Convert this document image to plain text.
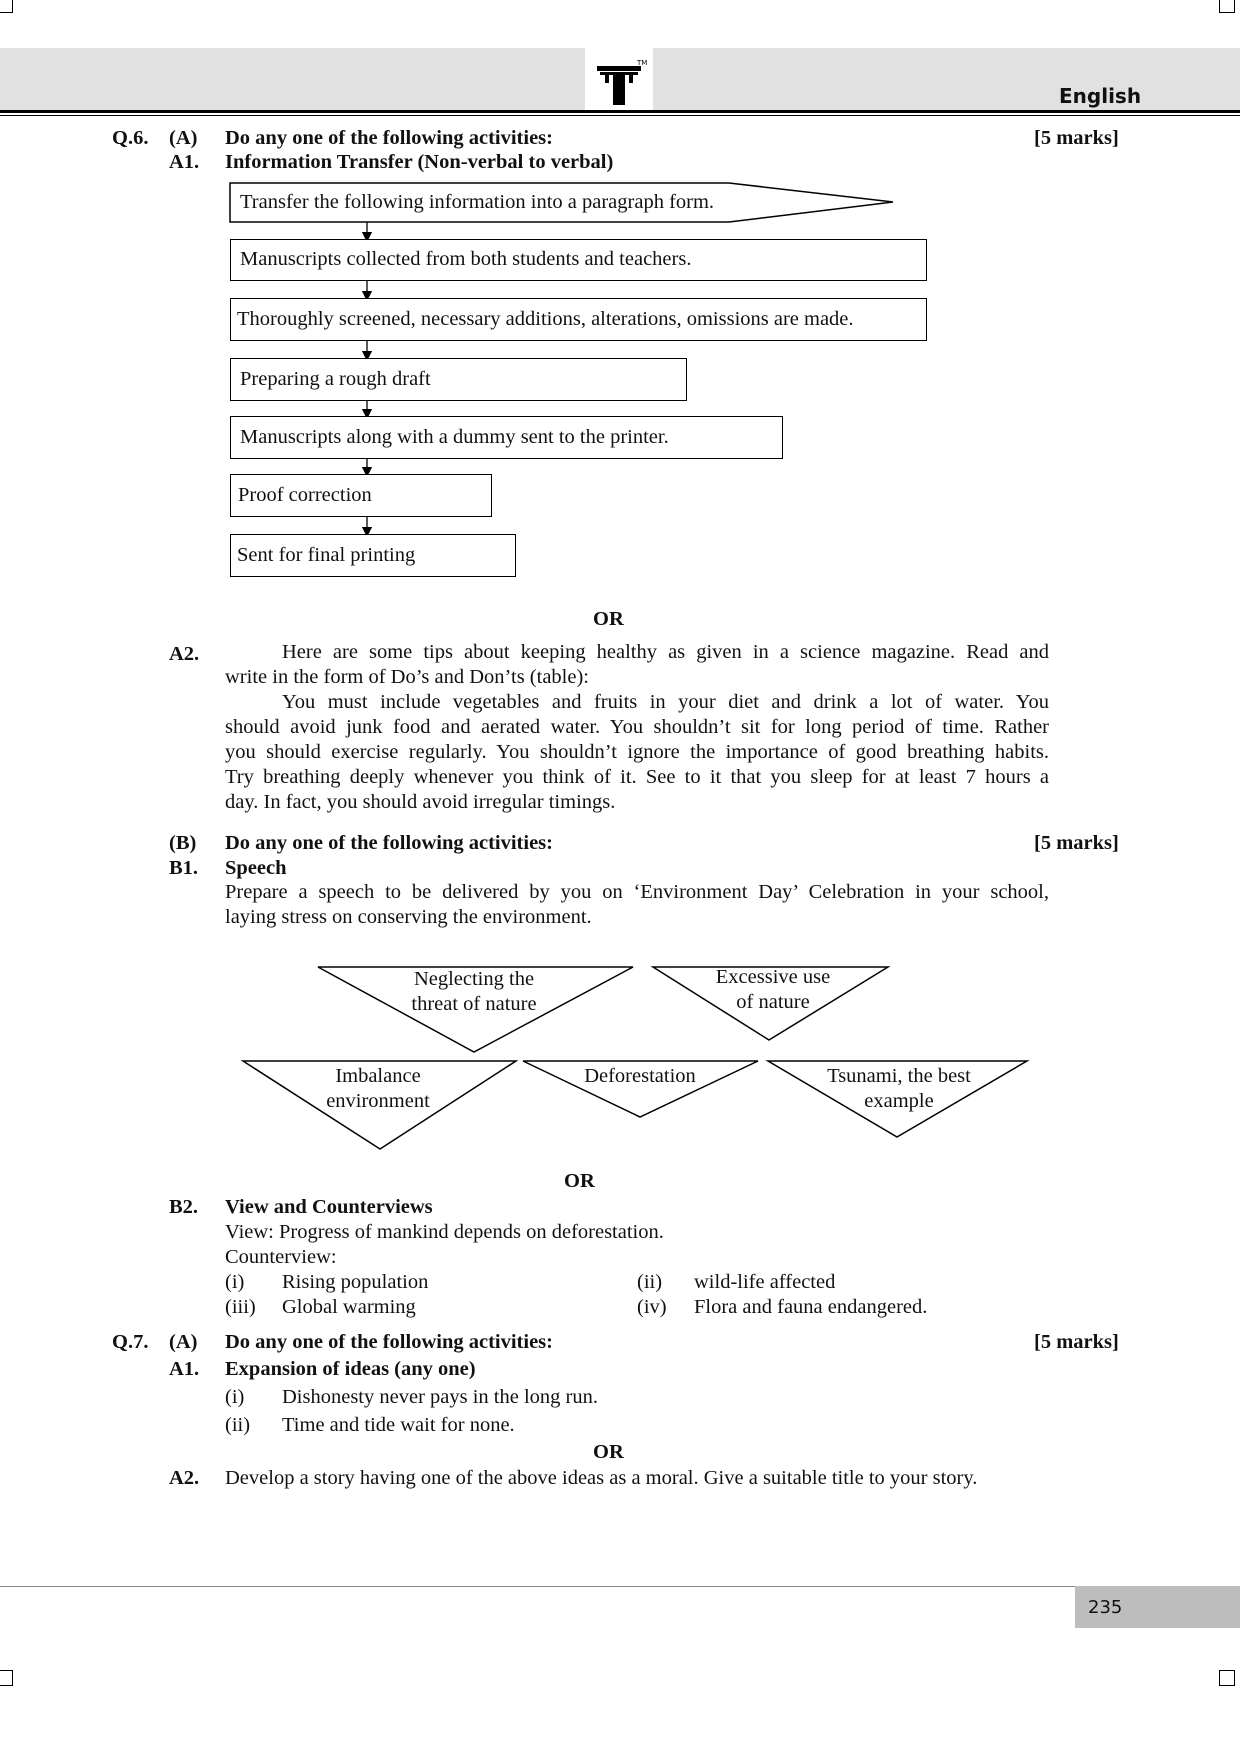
TM
English
Q.6. (A) Do any one of the following activities:	[5 marks]
A1. Information Transfer (Non-verbal to verbal)
Transfer the following information into a paragraph form.
Manuscripts collected from both students and teachers.
Thoroughly screened, necessary additions, alterations, omissions are made.
Preparing a rough draft
Manuscripts along with a dummy sent to the printer.
Proof correction
Sent for final printing
OR
A2.	Here are some tips about keeping healthy as given in a science magazine. Read and
write in the form of Do’s and Don’ts (table):
You must include vegetables and fruits in your diet and drink a lot of water. You
should avoid junk food and aerated water. You shouldn’t sit for long period of time. Rather
you should exercise regularly. You shouldn’t ignore the importance of good breathing habits.
Try breathing deeply whenever you think of it. See to it that you sleep for at least 7 hours a
day. In fact, you should avoid irregular timings.
(B) Do any one of the following activities:	[5 marks]
B1. Speech
Prepare a speech to be delivered by you on ‘Environment Day’ Celebration in your school,
laying stress on conserving the environment.
Neglecting the
threat of nature
Excessive use
of nature
Imbalance
environment
Deforestation	Tsunami, the best
example
OR
B2. View and Counterviews
View: Progress of mankind depends on deforestation.
Counterview:
(i) Rising population	(ii) wild-life affected
(iii) Global warming	(iv) Flora and fauna endangered.
Q.7. (A) Do any one of the following activities:	[5 marks]
A1. Expansion of ideas (any one)
(i) Dishonesty never pays in the long run.
(ii) Time and tide wait for none.
OR
A2. Develop a story having one of the above ideas as a moral. Give a suitable title to your story.
235
